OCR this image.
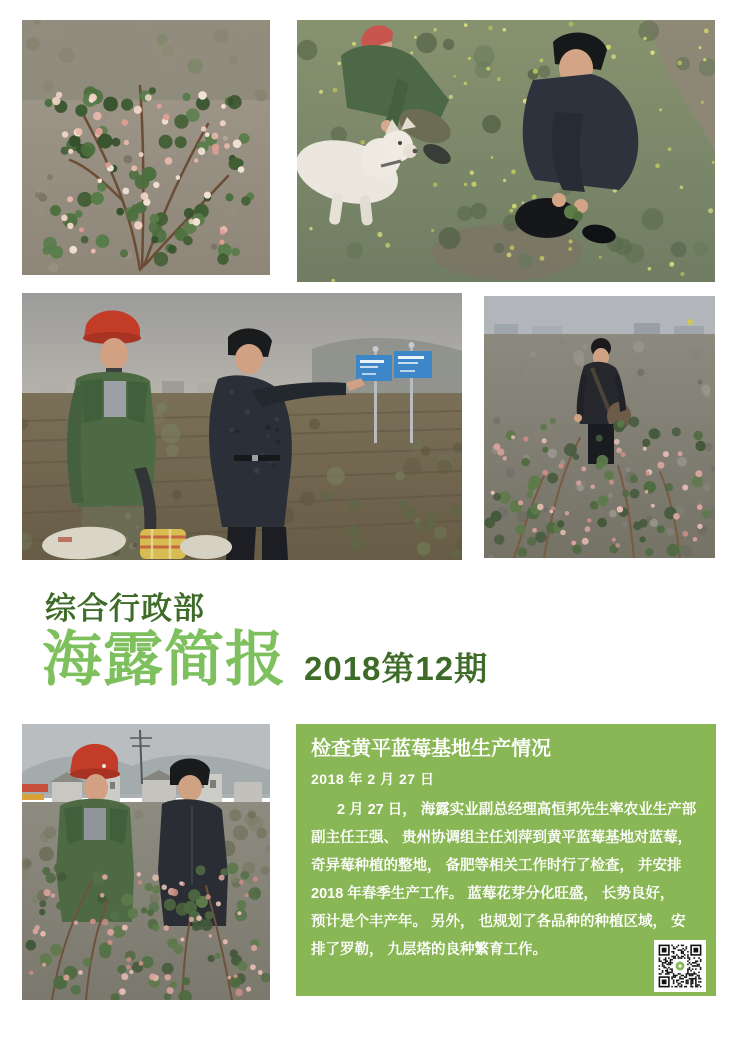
综合行政部
海露简报 2018第12期
检查黄平蓝莓基地生产情况
2018 年 2 月 27 日
2 月 27 日， 海露实业副总经理高恒邦先生率农业生产部
副主任王强、 贵州协调组主任刘萍到黄平蓝莓基地对蓝莓，
奇异莓种植的整地， 备肥等相关工作时行了检查， 并安排
2018 年春季生产工作。 蓝莓花芽分化旺盛， 长势良好，
预计是个丰产年。 另外， 也规划了各品种的种植区域， 安
排了罗勒， 九层塔的良种繁育工作。
